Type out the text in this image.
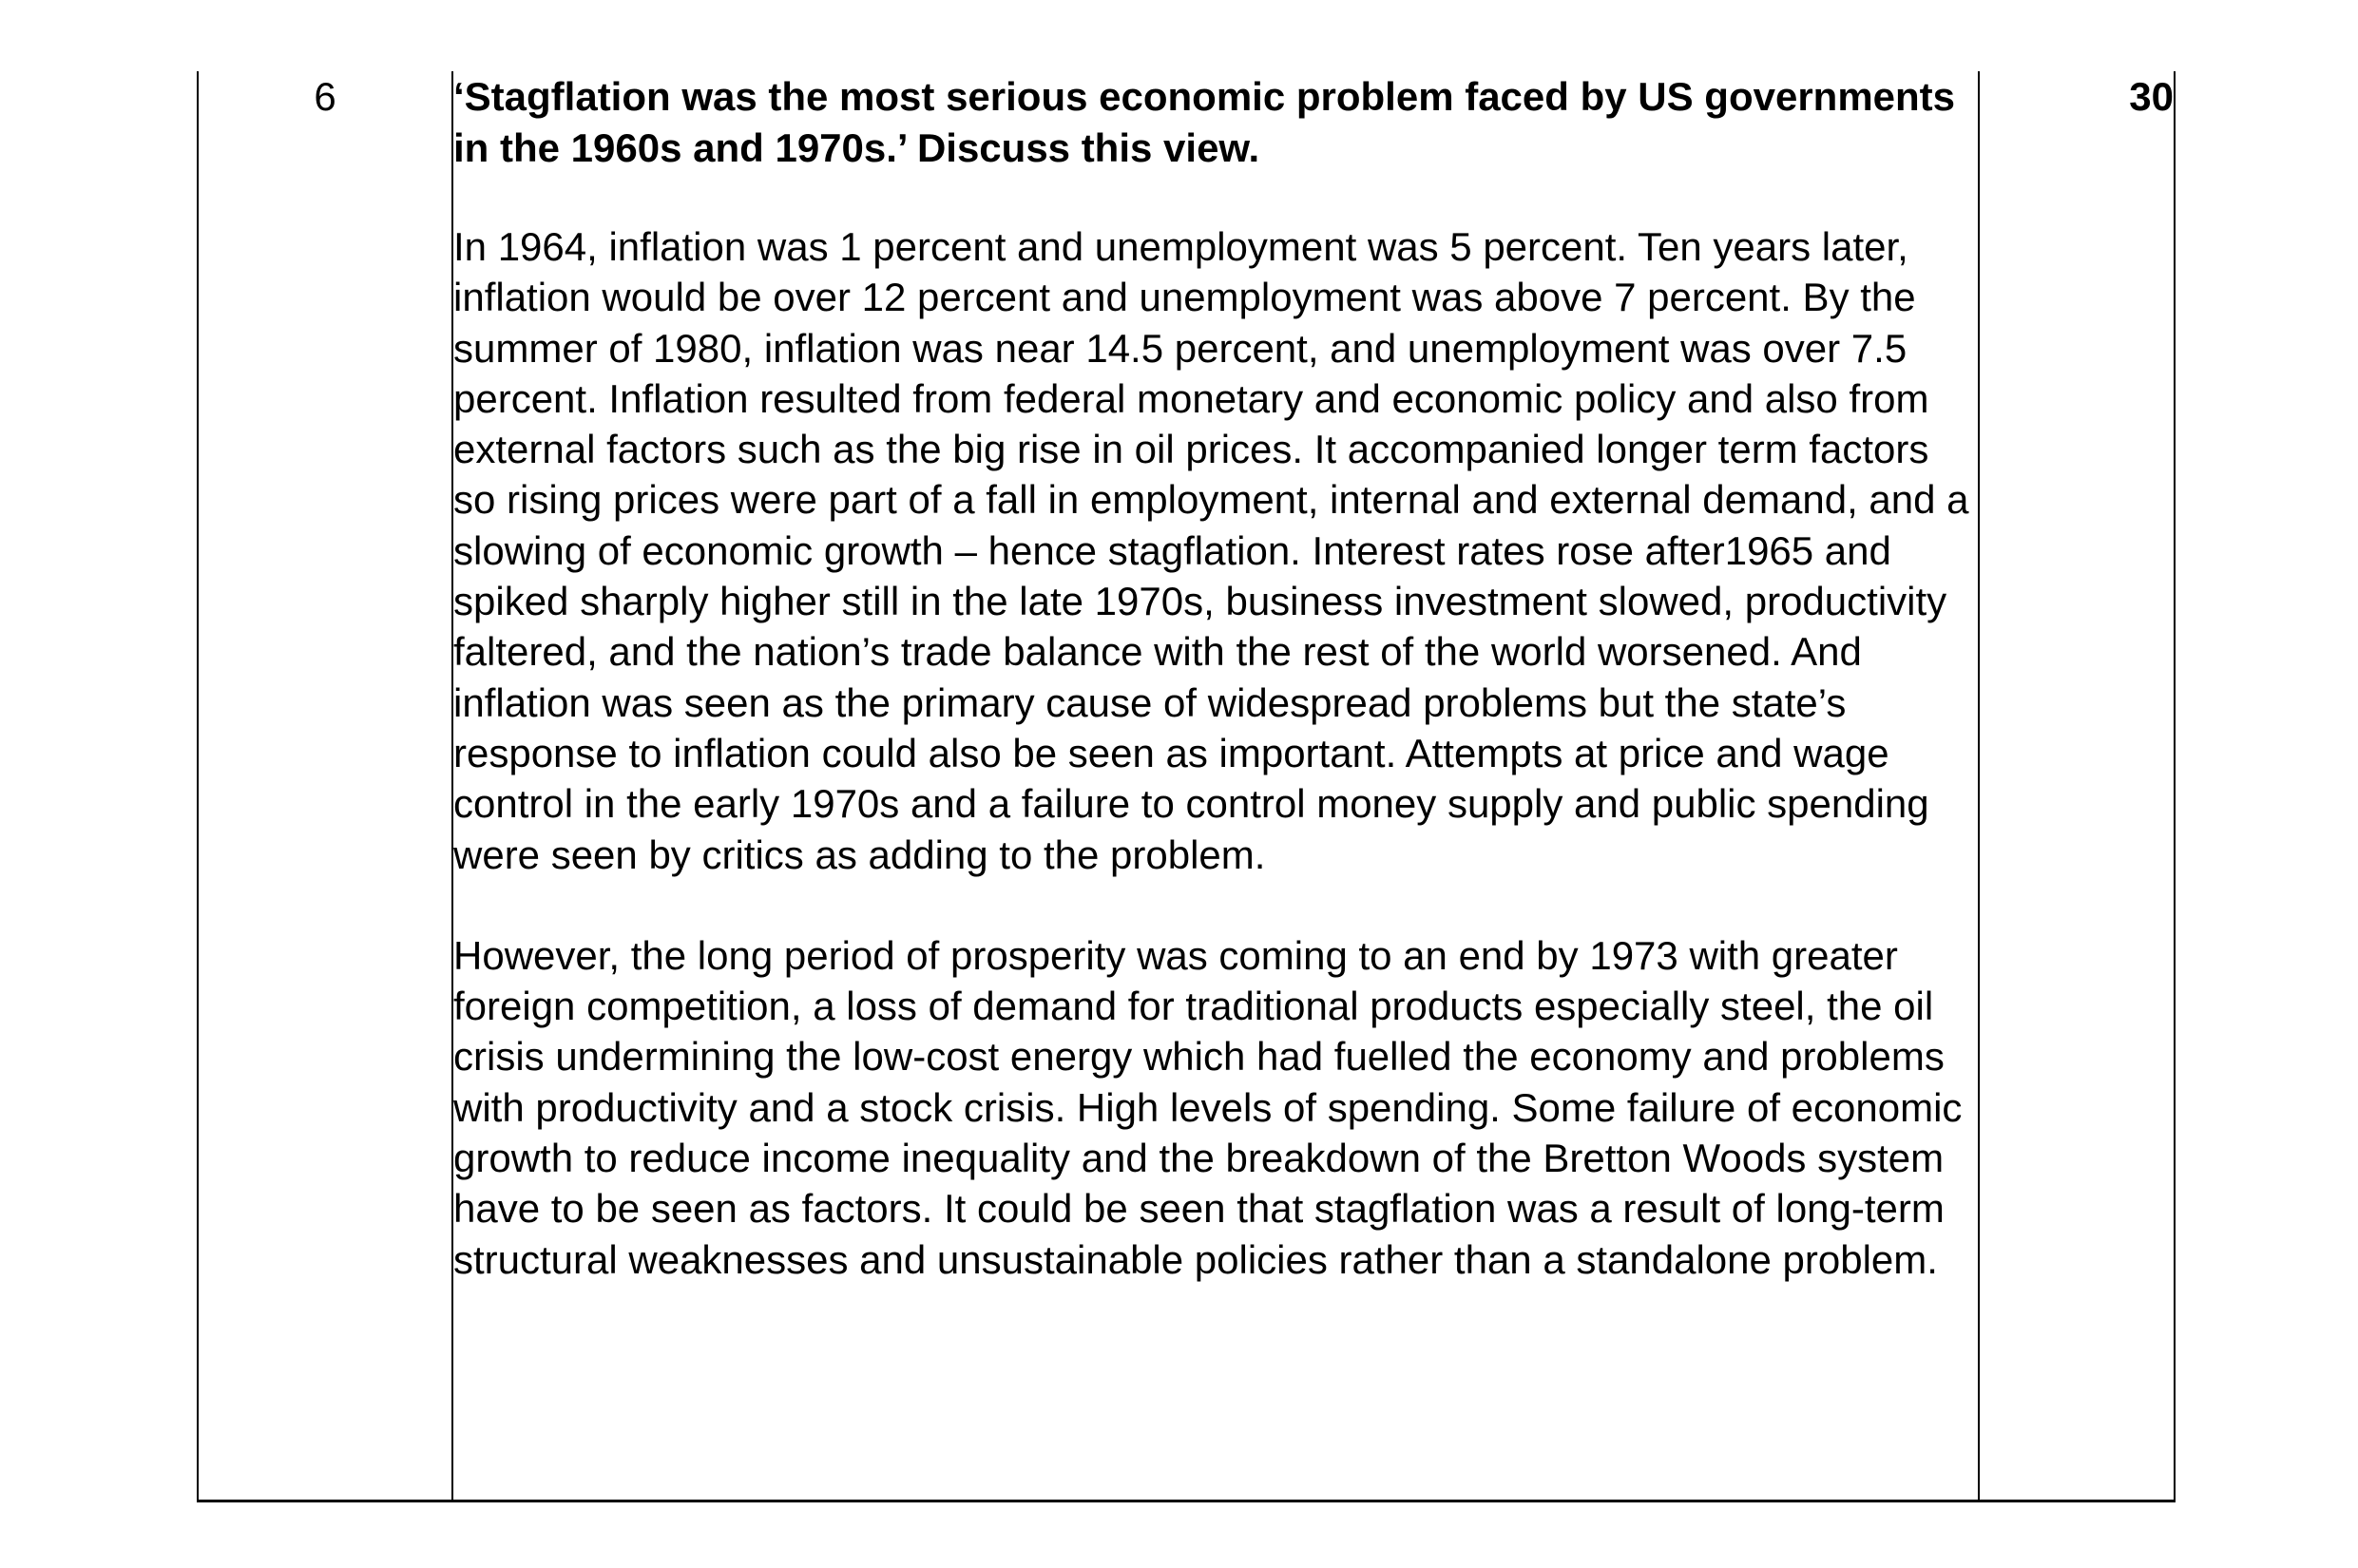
6	‘Stagflation was the most serious economic problem faced by US governments in the 1960s and 1970s.’ Discuss this view.

In 1964, inflation was 1 percent and unemployment was 5 percent. Ten years later, inflation would be over 12 percent and unemployment was above 7 percent. By the summer of 1980, inflation was near 14.5 percent, and unemployment was over 7.5 percent. Inflation resulted from federal monetary and economic policy and also from external factors such as the big rise in oil prices. It accompanied longer term factors so rising prices were part of a fall in employment, internal and external demand, and a slowing of economic growth – hence stagflation. Interest rates rose after1965 and spiked sharply higher still in the late 1970s, business investment slowed, productivity faltered, and the nation’s trade balance with the rest of the world worsened. And inflation was seen as the primary cause of widespread problems but the state’s response to inflation could also be seen as important. Attempts at price and wage control in the early 1970s and a failure to control money supply and public spending were seen by critics as adding to the problem.

However, the long period of prosperity was coming to an end by 1973 with greater foreign competition, a loss of demand for traditional products especially steel, the oil crisis undermining the low-cost energy which had fuelled the economy and problems with productivity and a stock crisis. High levels of spending. Some failure of economic growth to reduce income inequality and the breakdown of the Bretton Woods system have to be seen as factors. It could be seen that stagflation was a result of long-term structural weaknesses and unsustainable policies rather than a standalone problem.

	30
